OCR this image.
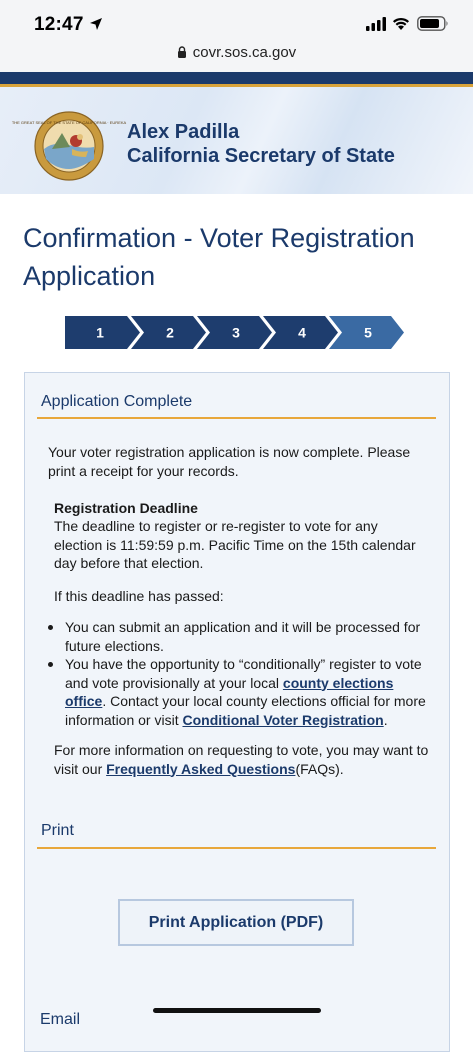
12:47
covr.sos.ca.gov
THE GREAT SEAL OF THE STATE OF CALIFORNIA · EUREKA Alex Padilla
California Secretary of State
Confirmation - Voter Registration Application
1	2	3	4	5
Application Complete
Your voter registration application is now complete. Please print a receipt for your records.
Registration Deadline
The deadline to register or re-register to vote for any election is 11:59:59 p.m. Pacific Time on the 15th calendar day before that election.
If this deadline has passed:
You can submit an application and it will be processed for future elections.
You have the opportunity to “conditionally” register to vote and vote provisionally at your local county elections office. Contact your local county elections official for more information or visit Conditional Voter Registration.
For more information on requesting to vote, you may want to visit our Frequently Asked Questions(FAQs).
Print
Print Application (PDF)
Email
